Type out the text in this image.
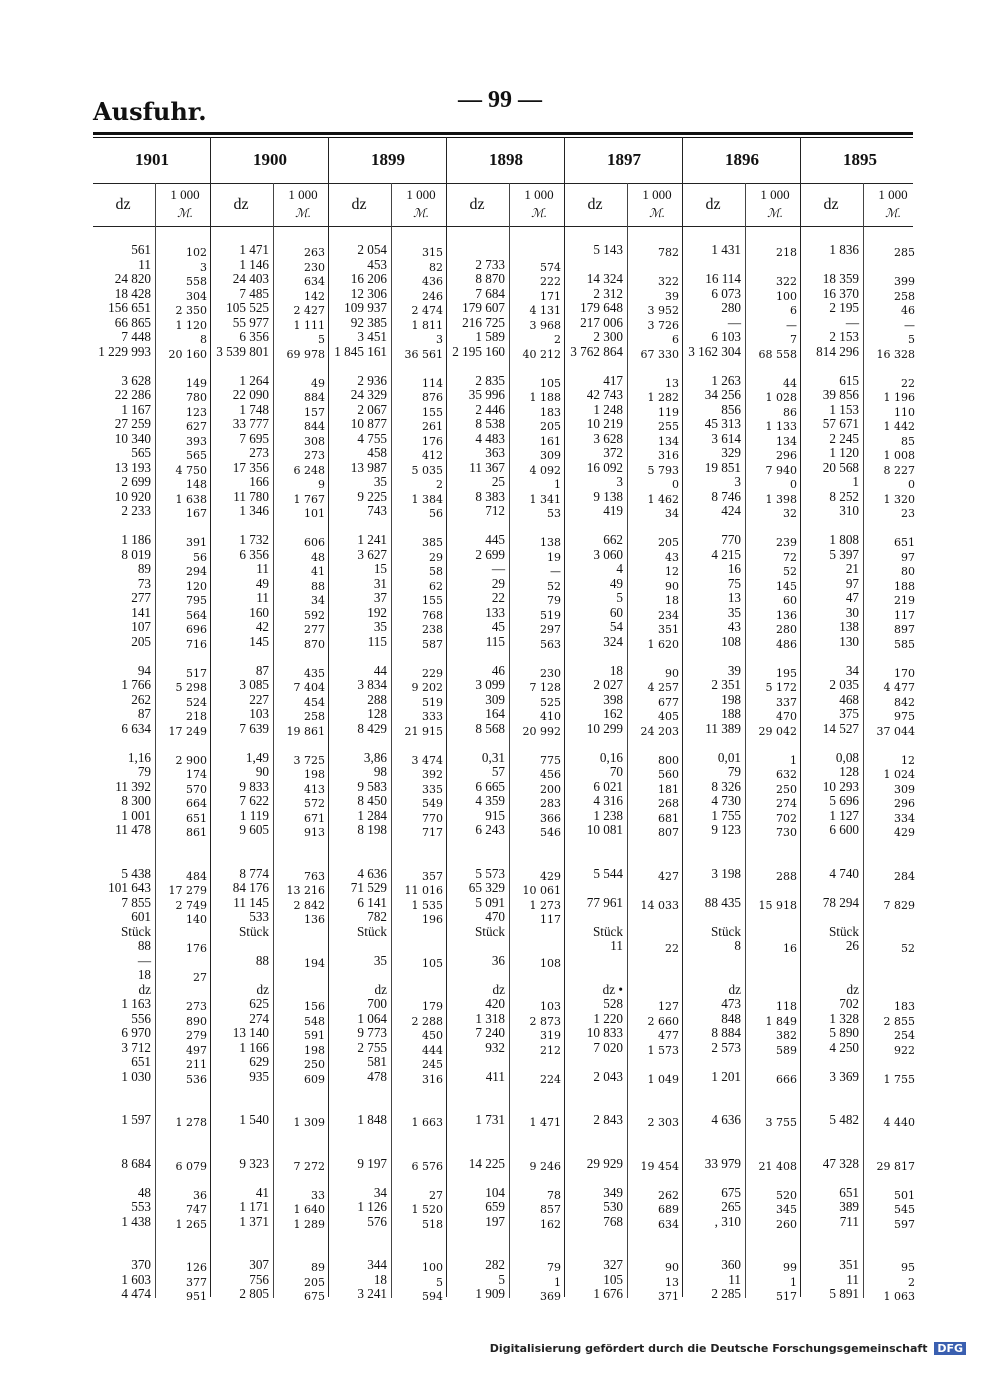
Ausfuhr.	— 99 —
1901
dz
1 000
ℳ.
561
11
24 820
18 428
156 651
66 865
7 448
1 229 993

3 628
22 286
1 167
27 259
10 340
565
13 193
2 699
10 920
2 233

1 186
8 019
89
73
277
141
107
205

94
1 766
262
87
6 634

1,16
79
11 392
8 300
1 001
11 478

5 438
101 643
7 855
601
Stück
88
—
18
dz
1 163
556
6 970
3 712
651
1 030

1 597

8 684

48
553
1 438

370
1 603
4 474
102
3
558
304
2 350
1 120
8
20 160

149
780
123
627
393
565
4 750
148
1 638
167

391
56
294
120
795
564
696
716

517
5 298
524
218
17 249

2 900
174
570
664
651
861

484
17 279
2 749
140

176

27

273
890
279
497
211
536

1 278

6 079

36
747
1 265

126
377
951
1900
dz
1 000
ℳ.
1 471
1 146
24 403
7 485
105 525
55 977
6 356
3 539 801

1 264
22 090
1 748
33 777
7 695
273
17 356
166
11 780
1 346

1 732
6 356
11
49
11
160
42
145

87
3 085
227
103
7 639

1,49
90
9 833
7 622
1 119
9 605

8 774
84 176
11 145
533
Stück

88

dz
625
274
13 140
1 166
629
935

1 540

9 323

41
1 171
1 371

307
756
2 805
263
230
634
142
2 427
1 111
5
69 978

49
884
157
844
308
273
6 248
9
1 767
101

606
48
41
88
34
592
277
870

435
7 404
454
258
19 861

3 725
198
413
572
671
913

763
13 216
2 842
136

194

156
548
591
198
250
609

1 309

7 272

33
1 640
1 289

89
205
675
1899
dz
1 000
ℳ.
2 054
453
16 206
12 306
109 937
92 385
3 451
1 845 161

2 936
24 329
2 067
10 877
4 755
458
13 987
35
9 225
743

1 241
3 627
15
31
37
192
35
115

44
3 834
288
128
8 429

3,86
98
9 583
8 450
1 284
8 198

4 636
71 529
6 141
782
Stück

35

dz
700
1 064
9 773
2 755
581
478

1 848

9 197

34
1 126
576

344
18
3 241
315
82
436
246
2 474
1 811
3
36 561

114
876
155
261
176
412
5 035
2
1 384
56

385
29
58
62
155
768
238
587

229
9 202
519
333
21 915

3 474
392
335
549
770
717

357
11 016
1 535
196

105

179
2 288
450
444
245
316

1 663

6 576

27
1 520
518

100
5
594
1898
dz
1 000
ℳ.

2 733
8 870
7 684
179 607
216 725
1 589
2 195 160

2 835
35 996
2 446
8 538
4 483
363
11 367
25
8 383
712

445
2 699
—
29
22
133
45
115

46
3 099
309
164
8 568

0,31
57
6 665
4 359
915
6 243

5 573
65 329
5 091
470
Stück

36

dz
420
1 318
7 240
932

411

1 731

14 225

104
659
197

282
5
1 909

574
222
171
4 131
3 968
2
40 212

105
1 188
183
205
161
309
4 092
1
1 341
53

138
19
—
52
79
519
297
563

230
7 128
525
410
20 992

775
456
200
283
366
546

429
10 061
1 273
117

108

103
2 873
319
212

224

1 471

9 246

78
857
162

79
1
369
1897
dz
1 000
ℳ.
5 143

14 324
2 312
179 648
217 006
2 300
3 762 864

417
42 743
1 248
10 219
3 628
372
16 092
3
9 138
419

662
3 060
4
49
5
60
54
324

18
2 027
398
162
10 299

0,16
70
6 021
4 316
1 238
10 081

5 544

77 961

Stück
11

dz •
528
1 220
10 833
7 020

2 043

2 843

29 929

349
530
768

327
105
1 676
782

322
39
3 952
3 726
6
67 330

13
1 282
119
255
134
316
5 793
0
1 462
34

205
43
12
90
18
234
351
1 620

90
4 257
677
405
24 203

800
560
181
268
681
807

427

14 033

22

127
2 660
477
1 573

1 049

2 303

19 454

262
689
634

90
13
371
1896
dz
1 000
ℳ.
1 431

16 114
6 073
280
—
6 103
3 162 304

1 263
34 256
856
45 313
3 614
329
19 851
3
8 746
424

770
4 215
16
75
13
35
43
108

39
2 351
198
188
11 389

0,01
79
8 326
4 730
1 755
9 123

3 198

88 435

Stück
8

dz
473
848
8 884
2 573

1 201

4 636

33 979

675
265
, 310

360
11
2 285
218

322
100
6
—
7
68 558

44
1 028
86
1 133
134
296
7 940
0
1 398
32

239
72
52
145
60
136
280
486

195
5 172
337
470
29 042

1
632
250
274
702
730

288

15 918

16

118
1 849
382
589

666

3 755

21 408

520
345
260

99
1
517
1895
dz
1 000
ℳ.
1 836

18 359
16 370
2 195
—
2 153
814 296

615
39 856
1 153
57 671
2 245
1 120
20 568
1
8 252
310

1 808
5 397
21
97
47
30
138
130

34
2 035
468
375
14 527

0,08
128
10 293
5 696
1 127
6 600

4 740

78 294

Stück
26

dz
702
1 328
5 890
4 250

3 369

5 482

47 328

651
389
711

351
11
5 891
285

399
258
46
—
5
16 328

22
1 196
110
1 442
85
1 008
8 227
0
1 320
23

651
97
80
188
219
117
897
585

170
4 477
842
975
37 044

12
1 024
309
296
334
429

284

7 829

52

183
2 855
254
922

1 755

4 440

29 817

501
545
597

95
2
1 063
Digitalisierung gefördert durch die Deutsche Forschungsgemeinschaft DFG
